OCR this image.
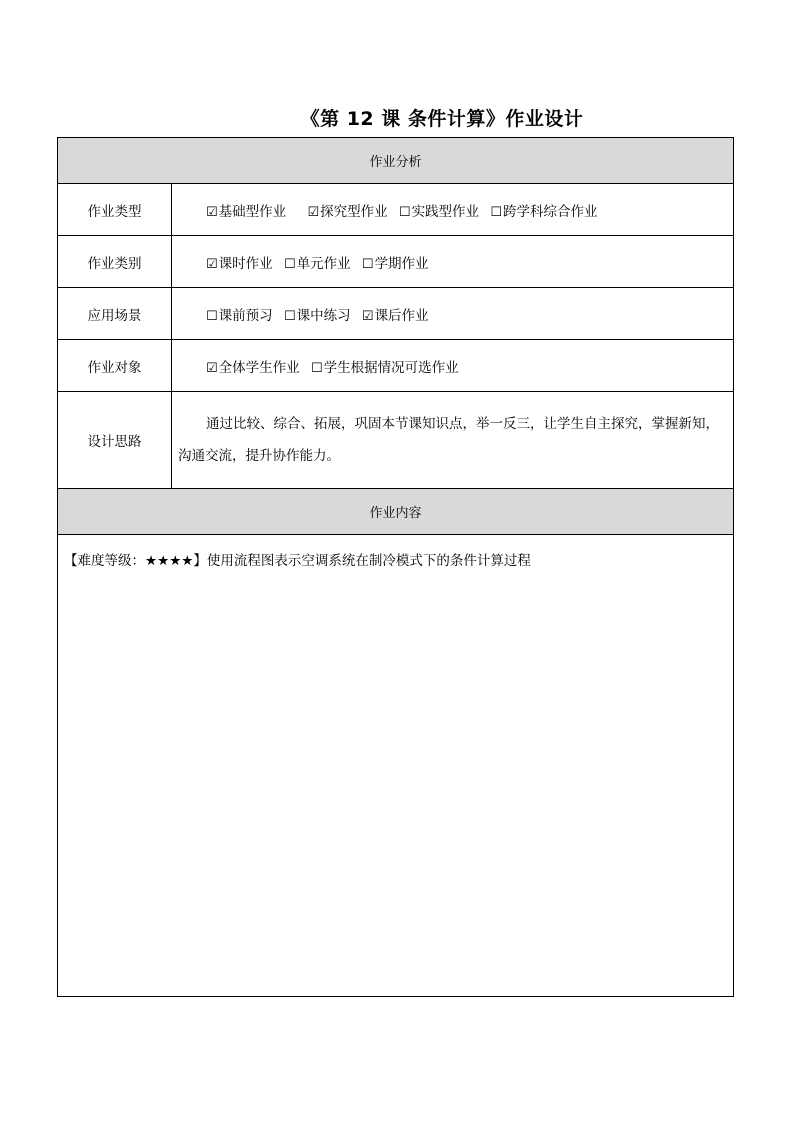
《第 12 课 条件计算》作业设计
作业分析	
作业类型	☑基础型作业 ☑探究型作业 ☐实践型作业 ☐跨学科综合作业
作业类别	☑课时作业 ☐单元作业 ☐学期作业
应用场景	☐课前预习 ☐课中练习 ☑课后作业
作业对象	☑全体学生作业 ☐学生根据情况可选作业
设计思路	通过比较、综合、拓展，巩固本节课知识点，举一反三，让学生自主探究，掌握新知，沟通交流，提升协作能力。
作业内容	
【难度等级：★★★★】使用流程图表示空调系统在制冷模式下的条件计算过程	
